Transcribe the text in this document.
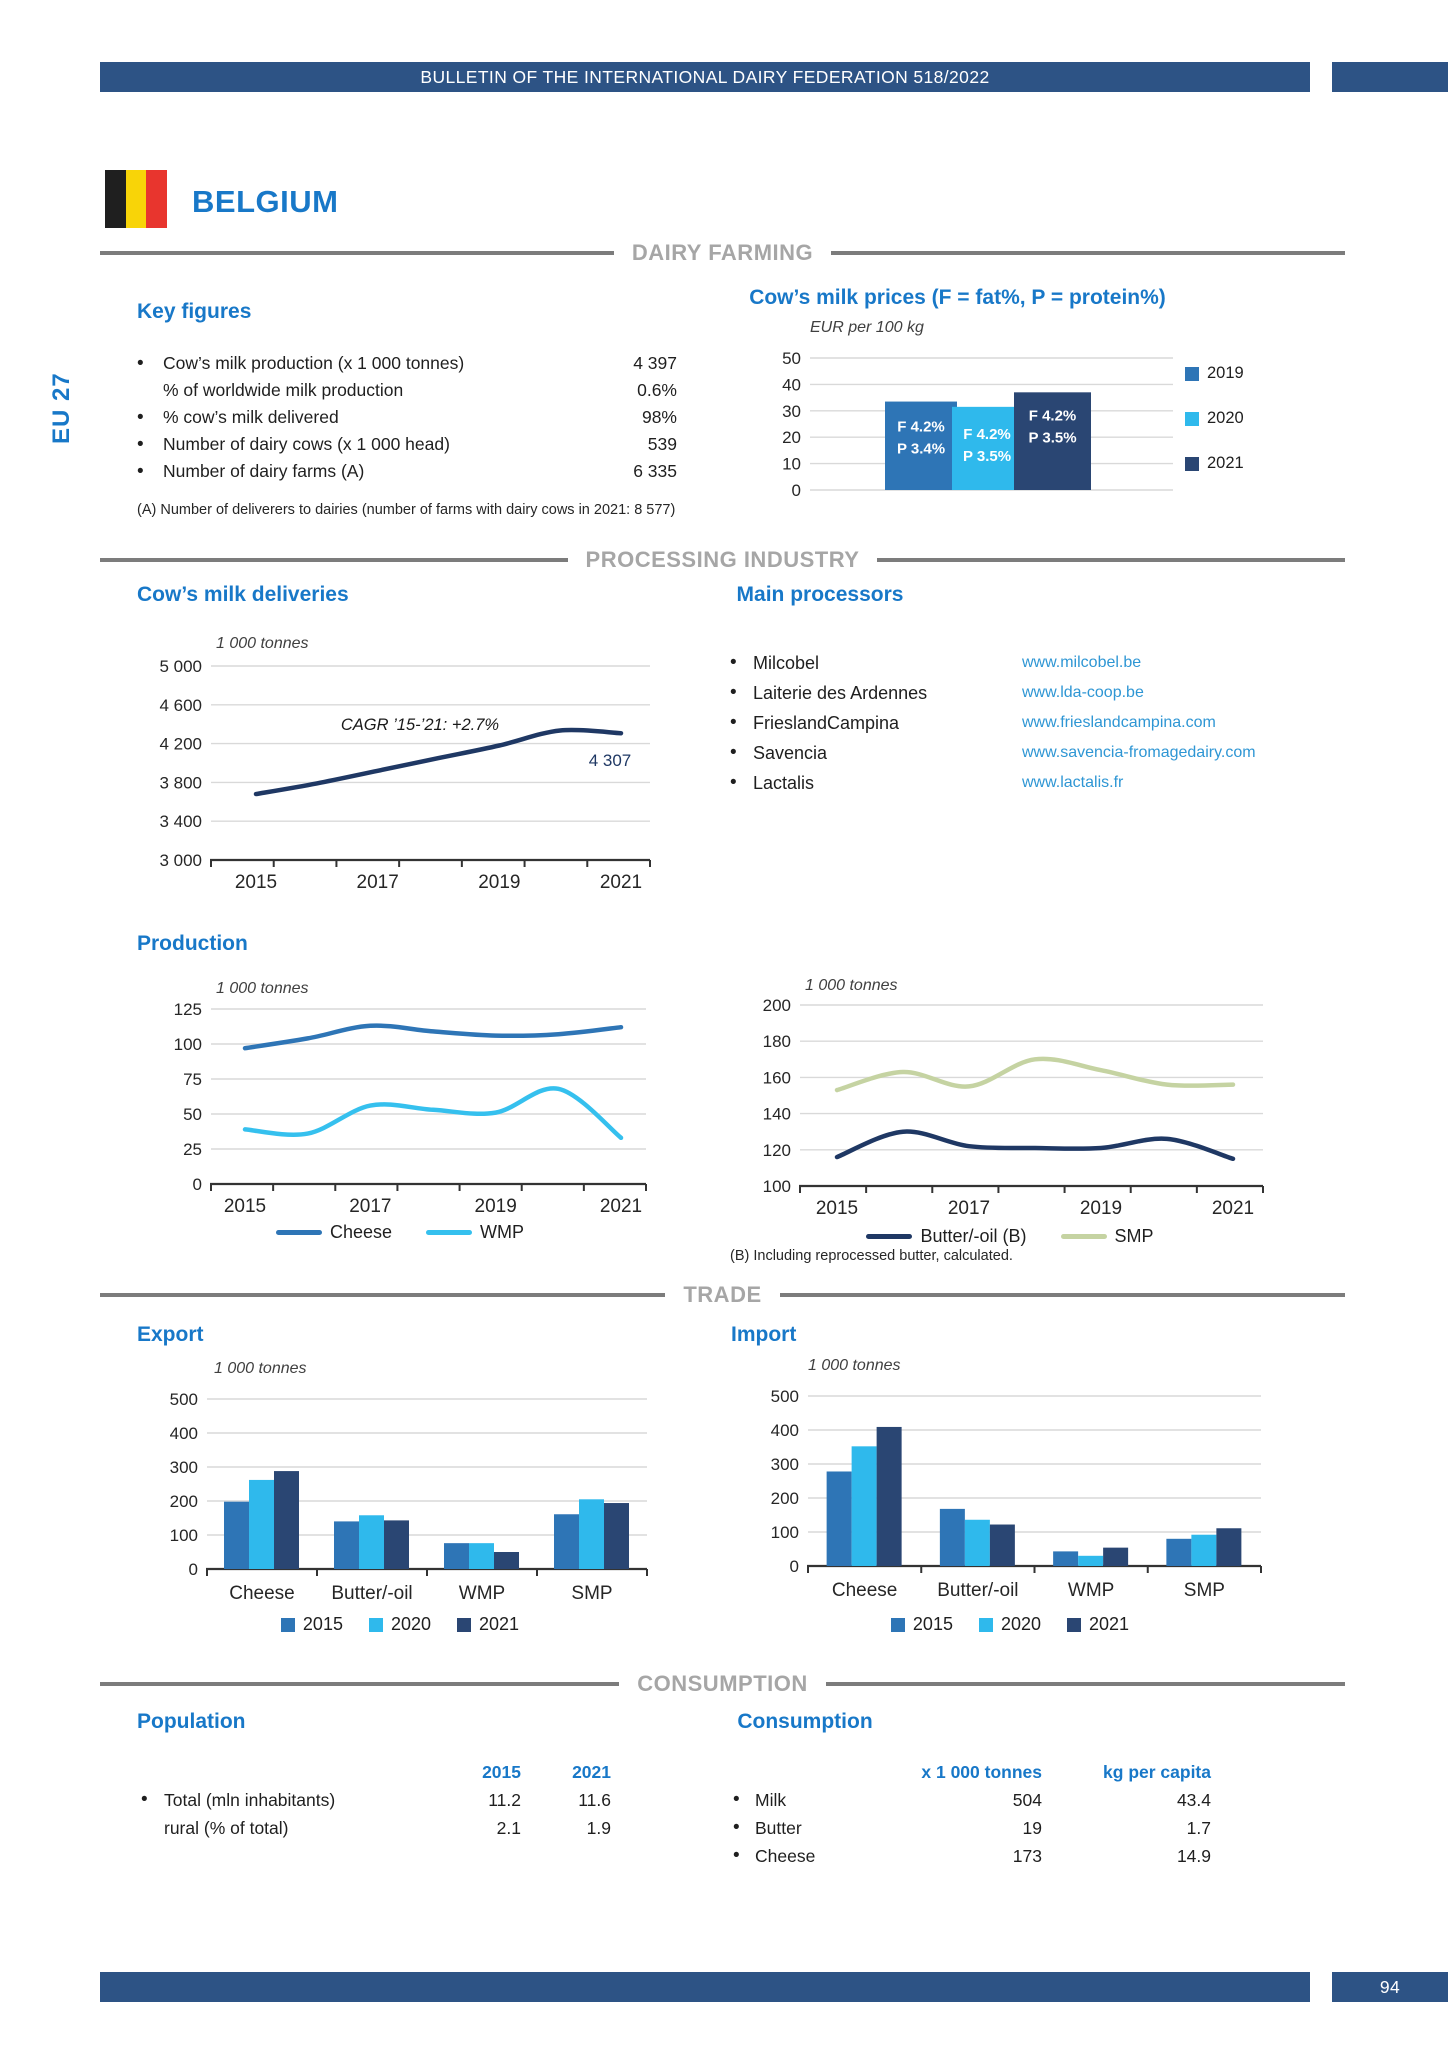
BULLETIN OF THE INTERNATIONAL DAIRY FEDERATION 518/2022
BELGIUM
EU 27
DAIRY FARMING
PROCESSING INDUSTRY
TRADE
CONSUMPTION
Key figures
•	Cow’s milk production (x 1 000 tonnes)	4 397
% of worldwide milk production	0.6%
•	% cow’s milk delivered	98%
•	Number of dairy cows (x 1 000 head)	539
•	Number of dairy farms (A)	6 335
(A) Number of deliverers to dairies (number of farms with dairy cows in 2021: 8 577)
Cow’s milk prices (F = fat%, P = protein%)
50
40
30
20
10
0
EUR per 100 kg
F 4.2%
P 3.4%
F 4.2%
P 3.5%
F 4.2%
P 3.5%
2019
2020
2021
Cow’s milk deliveries
5 000
4 600
4 200
3 800
3 400
3 000
1 000 tonnes
2015	2017	2019	2021
CAGR ’15-’21: +2.7%
4 307
Main processors
• Milcobel	www.milcobel.be
• Laiterie des Ardennes	www.lda-coop.be
• FrieslandCampina	www.frieslandcampina.com
• Savencia	www.savencia-fromagedairy.com
• Lactalis	www.lactalis.fr
Production
125
100
75
50
25
0
1 000 tonnes
2015	2017	2019	2021
200
180
160
140
120
100
1 000 tonnes
2015	2017	2019	2021
Cheese	WMP	Butter/-oil (B)	SMP
(B) Including reprocessed butter, calculated.
Export	Import
500
400
300
200
100
0
1 000 tonnes
Cheese Butter/-oil WMP	SMP
500
400
300
200
100
0
1 000 tonnes
Cheese Butter/-oil	WMP	SMP
2015	2020	2021	2015	2020	2021
Population
2015	2021
• Total (mln inhabitants)	11.2	11.6
rural (% of total)	2.1	1.9
Consumption
x 1 000 tonnes	kg per capita
• Milk	504	43.4
• Butter	19	1.7
• Cheese	173	14.9
94
